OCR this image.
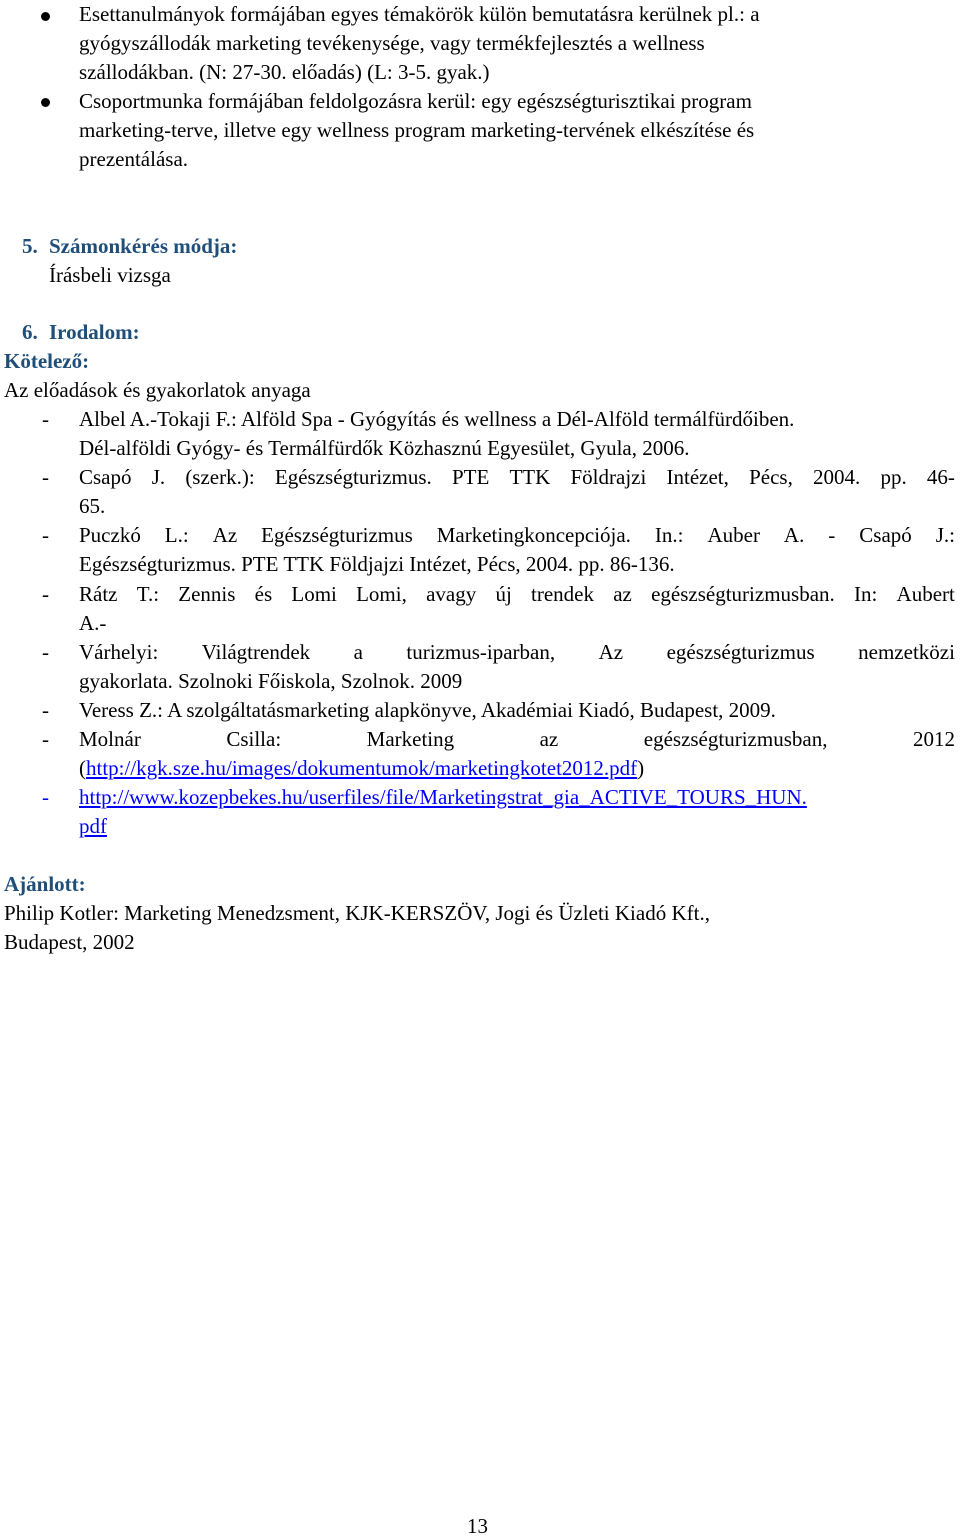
Esettanulmányok formájában egyes témakörök külön bemutatásra kerülnek pl.: a
gyógyszállodák marketing tevékenysége, vagy termékfejlesztés a wellness
szállodákban. (N: 27-30. előadás) (L: 3-5. gyak.)
Csoportmunka formájában feldolgozásra kerül: egy egészségturisztikai program
marketing-terve, illetve egy wellness program marketing-tervének elkészítése és
prezentálása.
5. Számonkérés módja:
Írásbeli vizsga
6. Irodalom:
Kötelező:
Az előadások és gyakorlatok anyaga
- Albel A.-Tokaji F.: Alföld Spa - Gyógyítás és wellness a Dél-Alföld termálfürdőiben.
Dél-alföldi Gyógy- és Termálfürdők Közhasznú Egyesület, Gyula, 2006.
- Csapó J. (szerk.): Egészségturizmus. PTE TTK Földrajzi Intézet, Pécs, 2004. pp. 46-
65.
- Puczkó L.: Az Egészségturizmus Marketingkoncepciója. In.: Auber A. - Csapó J.:
Egészségturizmus. PTE TTK Földjajzi Intézet, Pécs, 2004. pp. 86-136.
- Rátz T.: Zennis és Lomi Lomi, avagy új trendek az egészségturizmusban. In: Aubert
A.-
- Várhelyi: Világtrendek a turizmus-iparban, Az egészségturizmus nemzetközi
gyakorlata. Szolnoki Főiskola, Szolnok. 2009
- Veress Z.: A szolgáltatásmarketing alapkönyve, Akadémiai Kiadó, Budapest, 2009.
- Molnár	Csilla:	Marketing	az	egészségturizmusban,	2012
(http://kgk.sze.hu/images/dokumentumok/marketingkotet2012.pdf)
- http://www.kozepbekes.hu/userfiles/file/Marketingstrat_gia_ACTIVE_TOURS_HUN.
pdf
Ajánlott:
Philip Kotler: Marketing Menedzsment, KJK-KERSZÖV, Jogi és Üzleti Kiadó Kft.,
Budapest, 2002
13
